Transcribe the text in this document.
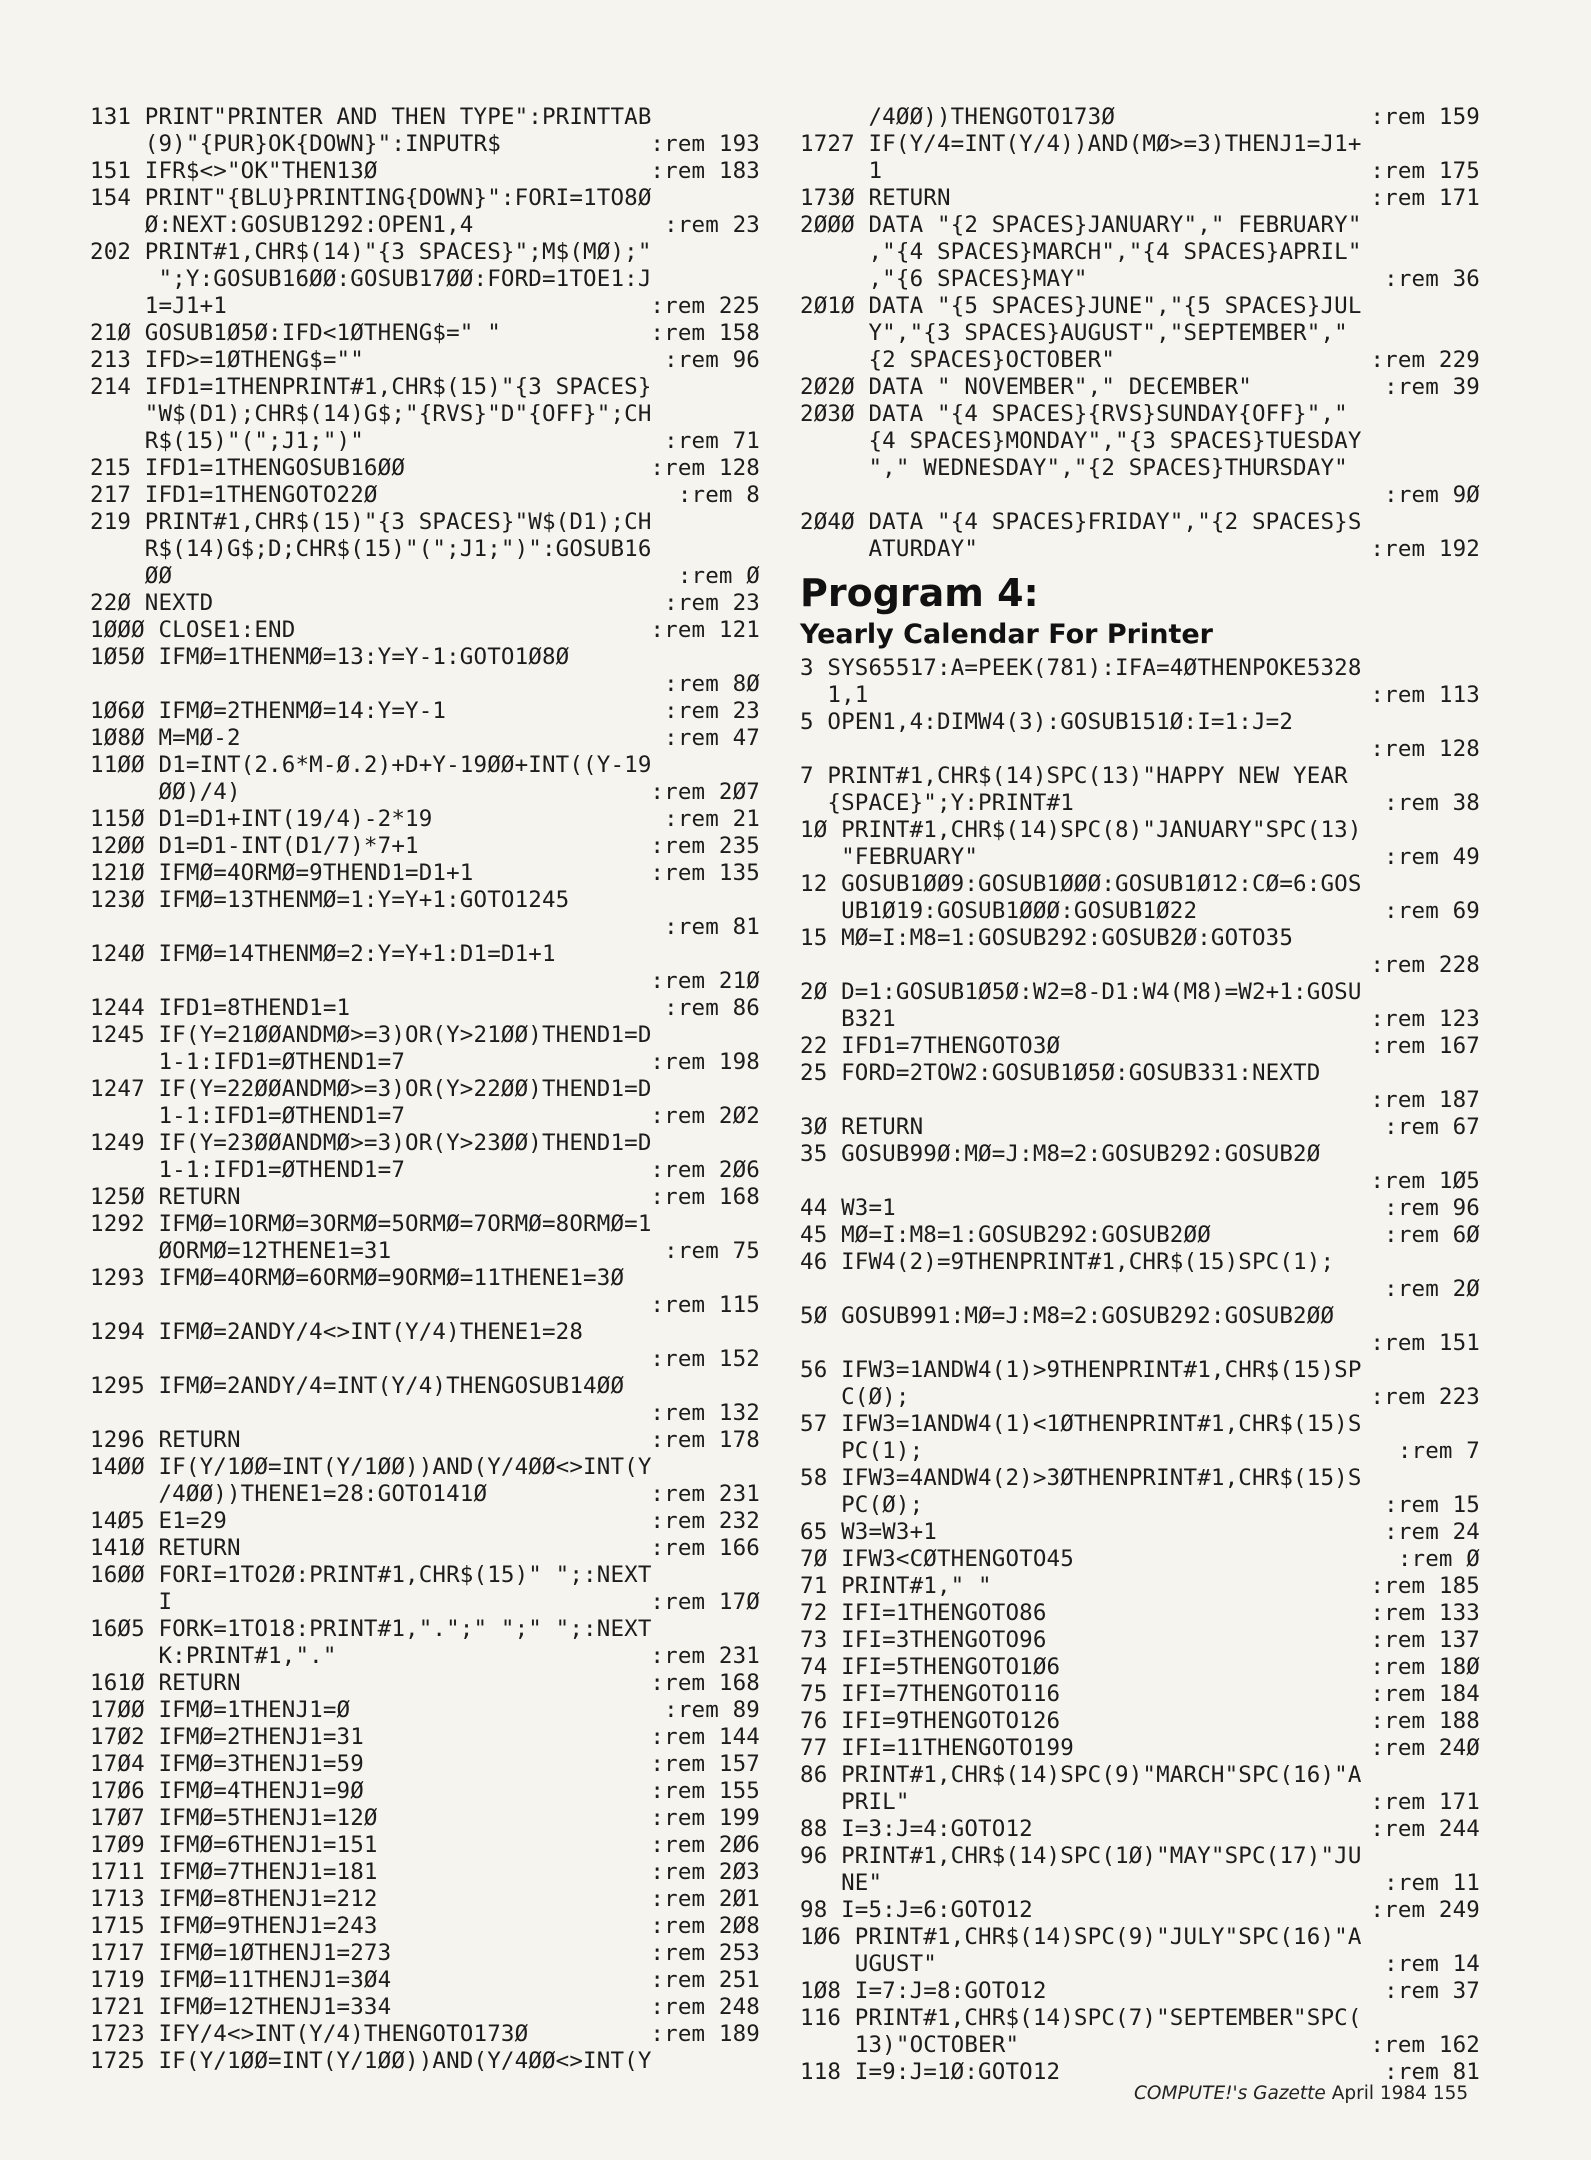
131 PRINT"PRINTER AND THEN TYPE":PRINTTAB
(9)"{PUR}OK{DOWN}":INPUTR$	:rem 193
151 IFR$<>"OK"THEN13Ø	:rem 183
154 PRINT"{BLU}PRINTING{DOWN}":FORI=1TO8Ø
Ø:NEXT:GOSUB1292:OPEN1,4	:rem 23
202 PRINT#1,CHR$(14)"{3 SPACES}";M$(MØ);"
";Y:GOSUB16ØØ:GOSUB17ØØ:FORD=1TOE1:J
1=J1+1	:rem 225
21Ø GOSUB1Ø5Ø:IFD<1ØTHENG$=" "	:rem 158
213 IFD>=1ØTHENG$=""	:rem 96
214 IFD1=1THENPRINT#1,CHR$(15)"{3 SPACES}
"W$(D1);CHR$(14)G$;"{RVS}"D"{OFF}";CH
R$(15)"(";J1;")"	:rem 71
215 IFD1=1THENGOSUB16ØØ	:rem 128
217 IFD1=1THENGOTO22Ø	:rem 8
219 PRINT#1,CHR$(15)"{3 SPACES}"W$(D1);CH
R$(14)G$;D;CHR$(15)"(";J1;")":GOSUB16
ØØ	:rem Ø
22Ø NEXTD	:rem 23
1ØØØ CLOSE1:END	:rem 121
1Ø5Ø IFMØ=1THENMØ=13:Y=Y-1:GOTO1Ø8Ø
:rem 8Ø
1Ø6Ø IFMØ=2THENMØ=14:Y=Y-1	:rem 23
1Ø8Ø M=MØ-2	:rem 47
11ØØ D1=INT(2.6*M-Ø.2)+D+Y-19ØØ+INT((Y-19
ØØ)/4)	:rem 2Ø7
115Ø D1=D1+INT(19/4)-2*19	:rem 21
12ØØ D1=D1-INT(D1/7)*7+1	:rem 235
121Ø IFMØ=4ORMØ=9THEND1=D1+1	:rem 135
123Ø IFMØ=13THENMØ=1:Y=Y+1:GOTO1245
:rem 81
124Ø IFMØ=14THENMØ=2:Y=Y+1:D1=D1+1
:rem 21Ø
1244 IFD1=8THEND1=1	:rem 86
1245 IF(Y=21ØØANDMØ>=3)OR(Y>21ØØ)THEND1=D
1-1:IFD1=ØTHEND1=7	:rem 198
1247 IF(Y=22ØØANDMØ>=3)OR(Y>22ØØ)THEND1=D
1-1:IFD1=ØTHEND1=7	:rem 2Ø2
1249 IF(Y=23ØØANDMØ>=3)OR(Y>23ØØ)THEND1=D
1-1:IFD1=ØTHEND1=7	:rem 2Ø6
125Ø RETURN	:rem 168
1292 IFMØ=1ORMØ=3ORMØ=5ORMØ=7ORMØ=8ORMØ=1
ØORMØ=12THENE1=31	:rem 75
1293 IFMØ=4ORMØ=6ORMØ=9ORMØ=11THENE1=3Ø
:rem 115
1294 IFMØ=2ANDY/4<>INT(Y/4)THENE1=28
:rem 152
1295 IFMØ=2ANDY/4=INT(Y/4)THENGOSUB14ØØ
:rem 132
1296 RETURN	:rem 178
14ØØ IF(Y/1ØØ=INT(Y/1ØØ))AND(Y/4ØØ<>INT(Y
/4ØØ))THENE1=28:GOTO141Ø	:rem 231
14Ø5 E1=29	:rem 232
141Ø RETURN	:rem 166
16ØØ FORI=1TO2Ø:PRINT#1,CHR$(15)" ";:NEXT
I	:rem 17Ø
16Ø5 FORK=1TO18:PRINT#1,".";" ";" ";:NEXT
K:PRINT#1,"."	:rem 231
161Ø RETURN	:rem 168
17ØØ IFMØ=1THENJ1=Ø	:rem 89
17Ø2 IFMØ=2THENJ1=31	:rem 144
17Ø4 IFMØ=3THENJ1=59	:rem 157
17Ø6 IFMØ=4THENJ1=9Ø	:rem 155
17Ø7 IFMØ=5THENJ1=12Ø	:rem 199
17Ø9 IFMØ=6THENJ1=151	:rem 2Ø6
1711 IFMØ=7THENJ1=181	:rem 2Ø3
1713 IFMØ=8THENJ1=212	:rem 2Ø1
1715 IFMØ=9THENJ1=243	:rem 2Ø8
1717 IFMØ=1ØTHENJ1=273	:rem 253
1719 IFMØ=11THENJ1=3Ø4	:rem 251
1721 IFMØ=12THENJ1=334	:rem 248
1723 IFY/4<>INT(Y/4)THENGOTO173Ø	:rem 189
1725 IF(Y/1ØØ=INT(Y/1ØØ))AND(Y/4ØØ<>INT(Y
/4ØØ))THENGOTO173Ø	:rem 159
1727 IF(Y/4=INT(Y/4))AND(MØ>=3)THENJ1=J1+
1	:rem 175
173Ø RETURN	:rem 171
2ØØØ DATA "{2 SPACES}JANUARY"," FEBRUARY"
,"{4 SPACES}MARCH","{4 SPACES}APRIL"
,"{6 SPACES}MAY"	:rem 36
2Ø1Ø DATA "{5 SPACES}JUNE","{5 SPACES}JUL
Y","{3 SPACES}AUGUST","SEPTEMBER","
{2 SPACES}OCTOBER"	:rem 229
2Ø2Ø DATA " NOVEMBER"," DECEMBER"	:rem 39
2Ø3Ø DATA "{4 SPACES}{RVS}SUNDAY{OFF}","
{4 SPACES}MONDAY","{3 SPACES}TUESDAY
"," WEDNESDAY","{2 SPACES}THURSDAY"
:rem 9Ø
2Ø4Ø DATA "{4 SPACES}FRIDAY","{2 SPACES}S
ATURDAY"	:rem 192
Program 4:
Yearly Calendar For Printer
3 SYS65517:A=PEEK(781):IFA=4ØTHENPOKE5328
1,1	:rem 113
5 OPEN1,4:DIMW4(3):GOSUB151Ø:I=1:J=2
:rem 128
7 PRINT#1,CHR$(14)SPC(13)"HAPPY NEW YEAR
{SPACE}";Y:PRINT#1	:rem 38
1Ø PRINT#1,CHR$(14)SPC(8)"JANUARY"SPC(13)
"FEBRUARY"	:rem 49
12 GOSUB1ØØ9:GOSUB1ØØØ:GOSUB1Ø12:CØ=6:GOS
UB1Ø19:GOSUB1ØØØ:GOSUB1Ø22	:rem 69
15 MØ=I:M8=1:GOSUB292:GOSUB2Ø:GOTO35
:rem 228
2Ø D=1:GOSUB1Ø5Ø:W2=8-D1:W4(M8)=W2+1:GOSU
B321	:rem 123
22 IFD1=7THENGOTO3Ø	:rem 167
25 FORD=2TOW2:GOSUB1Ø5Ø:GOSUB331:NEXTD
:rem 187
3Ø RETURN	:rem 67
35 GOSUB99Ø:MØ=J:M8=2:GOSUB292:GOSUB2Ø
:rem 1Ø5
44 W3=1	:rem 96
45 MØ=I:M8=1:GOSUB292:GOSUB2ØØ	:rem 6Ø
46 IFW4(2)=9THENPRINT#1,CHR$(15)SPC(1);
:rem 2Ø
5Ø GOSUB991:MØ=J:M8=2:GOSUB292:GOSUB2ØØ
:rem 151
56 IFW3=1ANDW4(1)>9THENPRINT#1,CHR$(15)SP
C(Ø);	:rem 223
57 IFW3=1ANDW4(1)<1ØTHENPRINT#1,CHR$(15)S
PC(1);	:rem 7
58 IFW3=4ANDW4(2)>3ØTHENPRINT#1,CHR$(15)S
PC(Ø);	:rem 15
65 W3=W3+1	:rem 24
7Ø IFW3<CØTHENGOTO45	:rem Ø
71 PRINT#1," "	:rem 185
72 IFI=1THENGOTO86	:rem 133
73 IFI=3THENGOTO96	:rem 137
74 IFI=5THENGOTO1Ø6	:rem 18Ø
75 IFI=7THENGOTO116	:rem 184
76 IFI=9THENGOTO126	:rem 188
77 IFI=11THENGOTO199	:rem 24Ø
86 PRINT#1,CHR$(14)SPC(9)"MARCH"SPC(16)"A
PRIL"	:rem 171
88 I=3:J=4:GOTO12	:rem 244
96 PRINT#1,CHR$(14)SPC(1Ø)"MAY"SPC(17)"JU
NE"	:rem 11
98 I=5:J=6:GOTO12	:rem 249
1Ø6 PRINT#1,CHR$(14)SPC(9)"JULY"SPC(16)"A
UGUST"	:rem 14
1Ø8 I=7:J=8:GOTO12	:rem 37
116 PRINT#1,CHR$(14)SPC(7)"SEPTEMBER"SPC(
13)"OCTOBER"	:rem 162
118 I=9:J=1Ø:GOTO12	:rem 81
COMPUTE!'s Gazette April 1984 155
